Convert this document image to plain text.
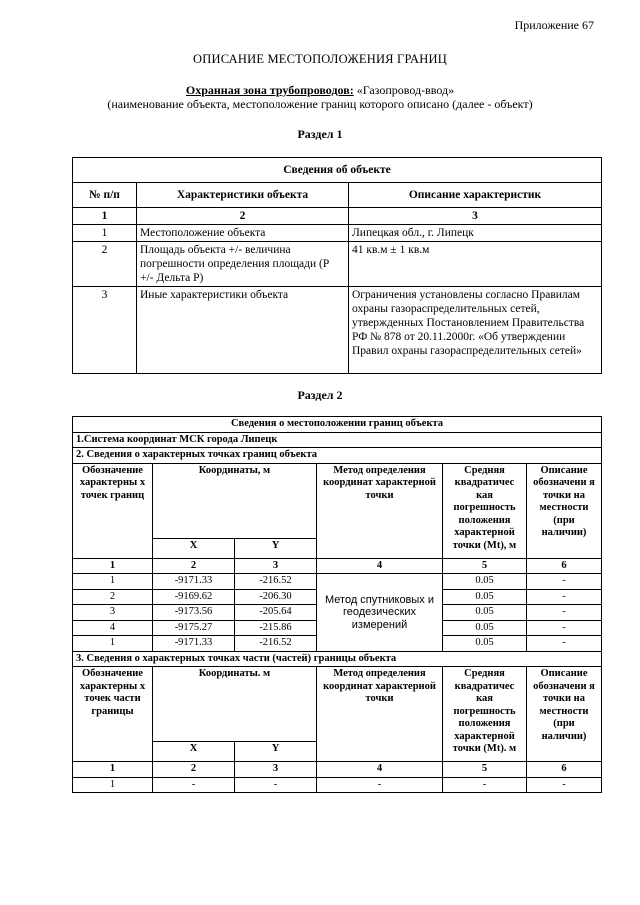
Приложение 67
ОПИСАНИЕ МЕСТОПОЛОЖЕНИЯ ГРАНИЦ
Охранная зона трубопроводов: «Газопровод-ввод»
(наименование объекта, местоположение границ которого описано (далее - объект)
Раздел 1
Сведения об объекте		
№ п/п	Характеристики объекта	Описание характеристик
1	2	3
1	Местоположение объекта	Липецкая обл., г. Липецк
2	Площадь объекта +/- величина погрешности определения площади (Р +/- Дельта Р)	41 кв.м ± 1 кв.м
3	Иные характеристики объекта	Ограничения установлены согласно Правилам охраны газораспределительных сетей, утвержденных Постановлением Правительства РФ № 878 от 20.11.2000г. «Об утверждении Правил охраны газораспределительных сетей»
Раздел 2
Сведения о местоположении границ объекта					
1.Система координат МСК города Липецк					
2. Сведения о характерных точках границ объекта					
Обозначение характерны х точек границ	Координаты, м		Метод определения координат характерной точки	Средняя квадратичес кая погрешность положения характерной точки (Mt), м	Описание обозначени я точки на местности (при наличии)
	X	Y			
1	2	3	4	5	6
1	-9171.33	-216.52	Метод спутниковых и геодезических измерений	0.05	-
2	-9169.62	-206.30		0.05	-
3	-9173.56	-205.64		0.05	-
4	-9175.27	-215.86		0.05	-
1	-9171.33	-216.52		0.05	-
3. Сведения о характерных точках части (частей) границы объекта					
Обозначение характерны х точек части границы	Координаты. м		Метод определения координат характерной точки	Средняя квадратичес кая погрешность положения характерной точки (Mt). м	Описание обозначени я точки на местности (при наличии)
	X	Y			
1	2	3	4	5	6
1	-	-	-	-	-
